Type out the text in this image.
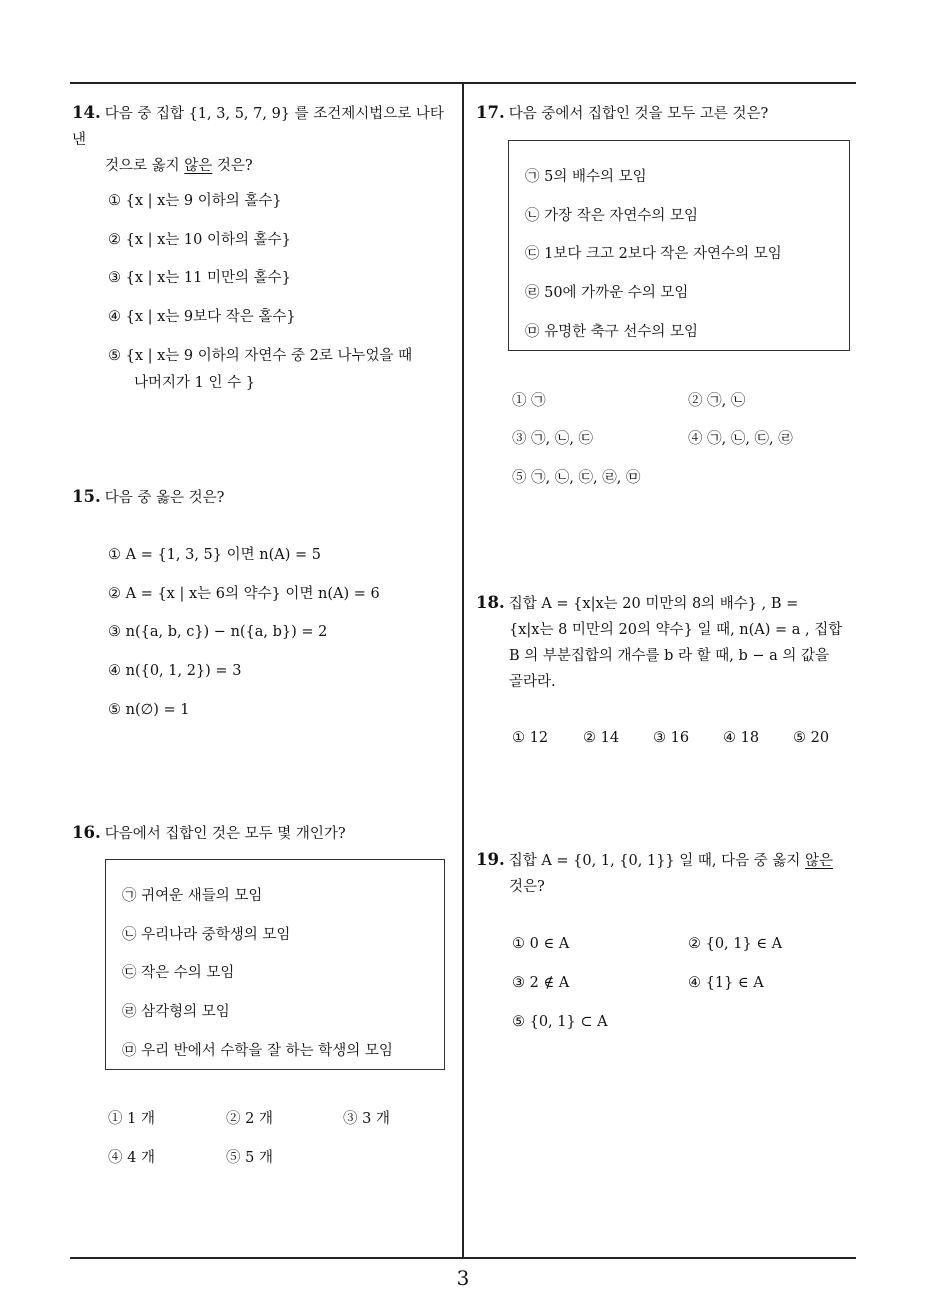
14. 다음 중 집합 {1, 3, 5, 7, 9} 를 조건제시법으로 나타낸
것으로 옳지 않은 것은?
① {x | x는 9 이하의 홀수}
② {x | x는 10 이하의 홀수}
③ {x | x는 11 미만의 홀수}
④ {x | x는 9보다 작은 홀수}
⑤ {x | x는 9 이하의 자연수 중 2로 나누었을 때
나머지가 1 인 수 }
15. 다음 중 옳은 것은?
① A = {1, 3, 5} 이면 n(A) = 5
② A = {x | x는 6의 약수} 이면 n(A) = 6
③ n({a, b, c}) − n({a, b}) = 2
④ n({0, 1, 2}) = 3
⑤ n(∅) = 1
16. 다음에서 집합인 것은 모두 몇 개인가?
㉠ 귀여운 새들의 모임
㉡ 우리나라 중학생의 모임
㉢ 작은 수의 모임
㉣ 삼각형의 모임
㉤ 우리 반에서 수학을 잘 하는 학생의 모임
① 1 개	② 2 개	③ 3 개
④ 4 개	⑤ 5 개
17. 다음 중에서 집합인 것을 모두 고른 것은?
㉠ 5의 배수의 모임
㉡ 가장 작은 자연수의 모임
㉢ 1보다 크고 2보다 작은 자연수의 모임
㉣ 50에 가까운 수의 모임
㉤ 유명한 축구 선수의 모임
① ㉠	② ㉠, ㉡
③ ㉠, ㉡, ㉢	④ ㉠, ㉡, ㉢, ㉣
⑤ ㉠, ㉡, ㉢, ㉣, ㉤
18. 집합 A = {x|x는 20 미만의 8의 배수} , B =
{x|x는 8 미만의 20의 약수} 일 때, n(A) = a , 집합
B 의 부분집합의 개수를 b 라 할 때, b − a 의 값을
골라라.
① 12 ② 14 ③ 16 ④ 18 ⑤ 20
19. 집합 A = {0, 1, {0, 1}} 일 때, 다음 중 옳지 않은
것은?
① 0 ∈ A	② {0, 1} ∈ A
③ 2 ∉ A	④ {1} ∈ A
⑤ {0, 1} ⊂ A
3
